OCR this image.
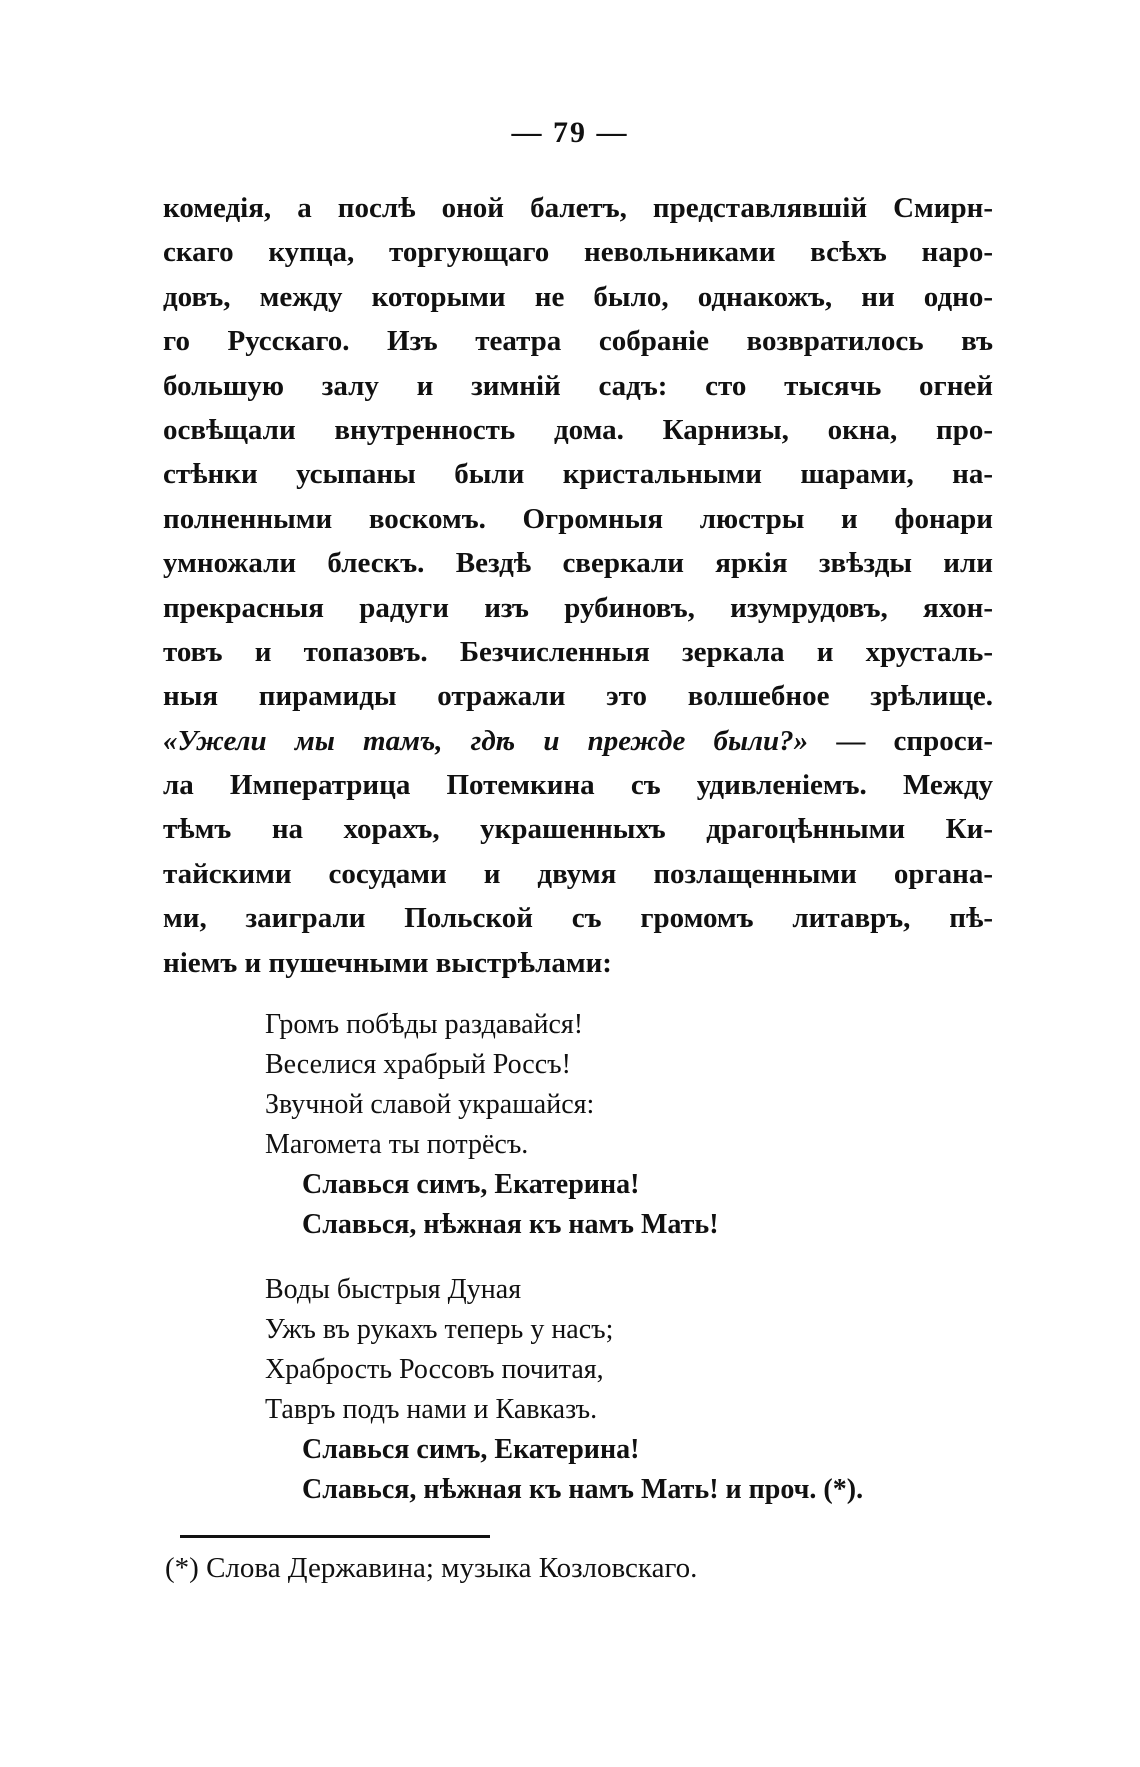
— 79 —
комедія, а послѣ оной балетъ, представлявшій Смирн-
скаго купца, торгующаго невольниками всѣхъ наро-
довъ, между которыми не было, однакожъ, ни одно-
го Русскаго. Изъ театра собраніе возвратилось въ
большую залу и зимній садъ: сто тысячь огней
освѣщали внутренность дома. Карнизы, окна, про-
стѣнки усыпаны были кристальными шарами, на-
полненными воскомъ. Огромныя люстры и фонари
умножали блескъ. Вездѣ сверкали яркія звѣзды или
прекрасныя радуги изъ рубиновъ, изумрудовъ, яхон-
товъ и топазовъ. Безчисленныя зеркала и хрусталь-
ныя пирамиды отражали это волшебное зрѣлище.
«Ужели мы тамъ, гдѣ и прежде были?» — спроси-
ла Императрица Потемкина съ удивленіемъ. Между
тѣмъ на хорахъ, украшенныхъ драгоцѣнными Ки-
тайскими сосудами и двумя позлащенными органа-
ми, заиграли Польской съ громомъ литавръ, пѣ-
ніемъ и пушечными выстрѣлами:
Громъ побѣды раздавайся!
Веселися храбрый Россъ!
Звучной славой украшайся:
Магомета ты потрёсъ.
Славься симъ, Екатерина!
Славься, нѣжная къ намъ Мать!
Воды быстрыя Дуная
Ужъ въ рукахъ теперь у насъ;
Храбрость Россовъ почитая,
Тавръ подъ нами и Кавказъ.
Славься симъ, Екатерина!
Славься, нѣжная къ намъ Мать! и проч. (*).
(*) Слова Державина; музыка Козловскаго.
